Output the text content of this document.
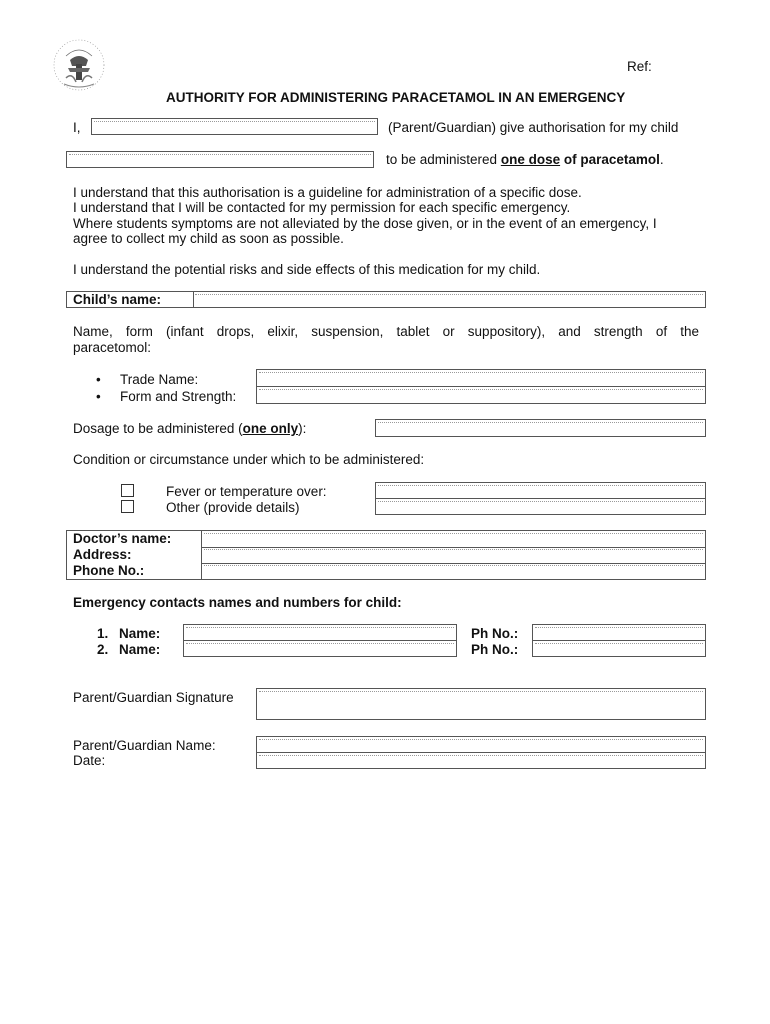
Ref:
AUTHORITY FOR ADMINISTERING PARACETAMOL IN AN EMERGENCY
I,	(Parent/Guardian) give authorisation for my child
to be administered one dose of paracetamol.
I understand that this authorisation is a guideline for administration of a specific dose.
I understand that I will be contacted for my permission for each specific emergency.
Where students symptoms are not alleviated by the dose given, or in the event of an emergency, I
agree to collect my child as soon as possible.
I understand the potential risks and side effects of this medication for my child.
Child’s name:
Name, form (infant drops, elixir, suspension, tablet or suppository), and strength of the
paracetomol:
• Trade Name:
• Form and Strength:
Dosage to be administered (one only):
Condition or circumstance under which to be administered:
Fever or temperature over:
Other (provide details)
Doctor’s name:
Address:
Phone No.:
Emergency contacts names and numbers for child:
1. Name:	Ph No.:
2. Name:	Ph No.:
Parent/Guardian Signature
Parent/Guardian Name:
Date:
